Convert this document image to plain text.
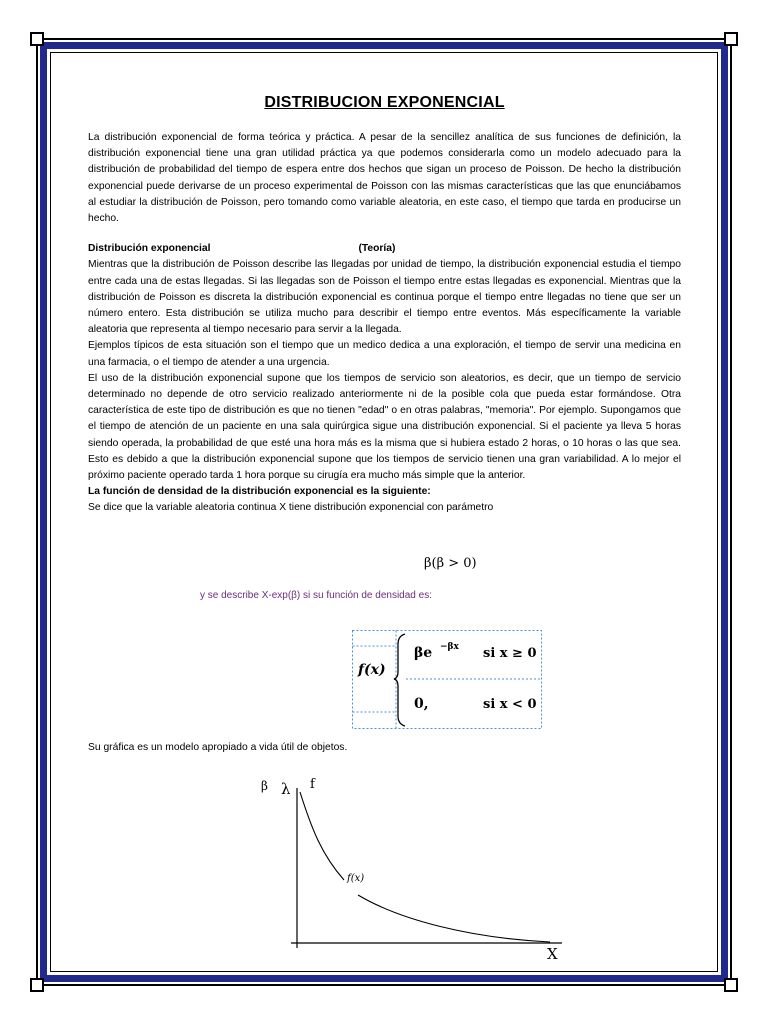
DISTRIBUCION EXPONENCIAL

La distribución exponencial de forma teórica y práctica. A pesar de la sencillez analítica de sus funciones de definición, la distribución exponencial tiene una gran utilidad práctica ya que podemos considerarla como un modelo adecuado para la distribución de probabilidad del tiempo de espera entre dos hechos que sigan un proceso de Poisson. De hecho la distribución exponencial puede derivarse de un proceso experimental de Poisson con las mismas características que las que enunciábamos al estudiar la distribución de Poisson, pero tomando como variable aleatoria, en este caso, el tiempo que tarda en producirse un hecho.

Distribución exponencial	(Teoría)

Mientras que la distribución de Poisson describe las llegadas por unidad de tiempo, la distribución exponencial estudia el tiempo entre cada una de estas llegadas. Si las llegadas son de Poisson el tiempo entre estas llegadas es exponencial. Mientras que la distribución de Poisson es discreta la distribución exponencial es continua porque el tiempo entre llegadas no tiene que ser un número entero. Esta distribución se utiliza mucho para describir el tiempo entre eventos. Más específicamente la variable aleatoria que representa al tiempo necesario para servir a la llegada.

Ejemplos típicos de esta situación son el tiempo que un medico dedica a una exploración, el tiempo de servir una medicina en una farmacia, o el tiempo de atender a una urgencia.

El uso de la distribución exponencial supone que los tiempos de servicio son aleatorios, es decir, que un tiempo de servicio determinado no depende de otro servicio realizado anteriormente ni de la posible cola que pueda estar formándose. Otra característica de este tipo de distribución es que no tienen "edad" o en otras palabras, "memoria". Por ejemplo. Supongamos que el tiempo de atención de un paciente en una sala quirúrgica sigue una distribución exponencial. Si el paciente ya lleva 5 horas siendo operada, la probabilidad de que esté una hora más es la misma que si hubiera estado 2 horas, o 10 horas o las que sea. Esto es debido a que la distribución exponencial supone que los tiempos de servicio tienen una gran variabilidad. A lo mejor el próximo paciente operado tarda 1 hora porque su cirugía era mucho más simple que la anterior.

La función de densidad de la distribución exponencial es la siguiente:

Se dice que la variable aleatoria continua X tiene distribución exponencial con parámetro

β(β > 0)
y se describe X-exp(β) si su función de densidad es:
f(x)
βe −βx si x ≥ 0
0,	si x < 0
Su gráfica es un modelo apropiado a vida útil de objetos.
β λ f
f(x)
X
